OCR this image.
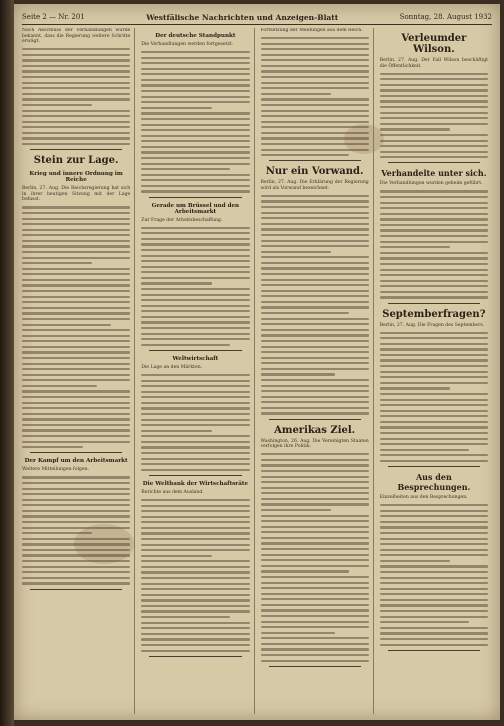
Seite 2 — Nr. 201	Westfälische Nachrichten und Anzeigen-Blatt	Sonntag, 28. August 1932

Nach Abschluss der Verhandlungen wurde bekannt, dass die Regierung weitere Schritte erwägt.

Stein zur Lage.
Krieg und innere Ordnung im Reiche

Berlin, 27. Aug. Die Reichsregierung hat sich in ihrer heutigen Sitzung mit der Lage befasst.

Der Kampf um den Arbeitsmarkt

Weitere Mitteilungen folgen.

Der deutsche Standpunkt

Die Verhandlungen werden fortgesetzt.

Gerade um Brüssel und den Arbeitsmarkt

Zur Frage der Arbeitsbeschaffung.

Weltwirtschaft

Die Lage an den Märkten.

Die Weltbank der Wirtschaftsräte

Berichte aus dem Ausland.

Fortsetzung der Meldungen aus dem Reich.

Nur ein Vorwand.

Berlin, 27. Aug. Die Erklärung der Regierung wird als Vorwand bezeichnet.

Amerikas Ziel.

Washington, 26. Aug. Die Vereinigten Staaten verfolgen ihre Politik.

Verleumder Wilson.

Berlin, 27. Aug. Der Fall Wilson beschäftigt die Öffentlichkeit.

Verhandelte unter sich.

Die Verhandlungen wurden geheim geführt.

Septemberfragen?

Berlin, 27. Aug. Die Fragen des Septembers.

Aus den Besprechungen.

Einzelheiten aus den Besprechungen.
